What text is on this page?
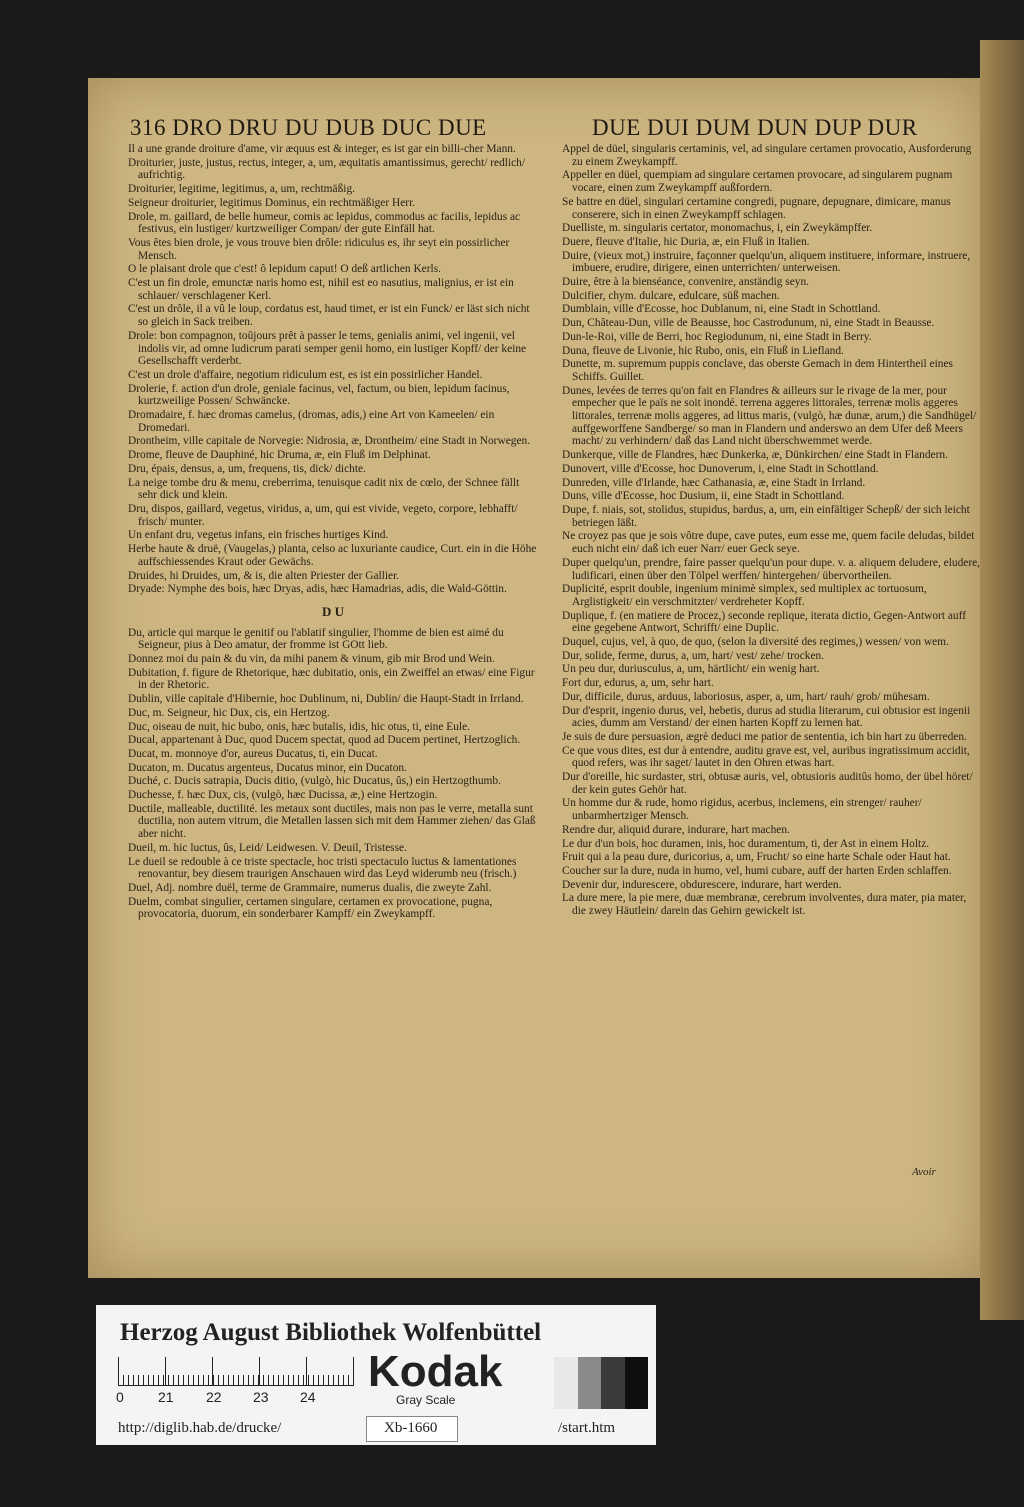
316 DRO DRU DU DUB DUC DUE	DUE DUI DUM DUN DUP DUR
Il a une grande droiture d'ame, vir æquus est & integer, es ist gar ein billi-cher Mann.
Droiturier, juste, justus, rectus, integer, a, um, æquitatis amantissimus, gerecht/ redlich/ aufrichtig.
Droiturier, legitime, legitimus, a, um, rechtmäßig.
Seigneur droiturier, legitimus Dominus, ein rechtmäßiger Herr.
Drole, m. gaillard, de belle humeur, comis ac lepidus, commodus ac facilis, lepidus ac festivus, ein lustiger/ kurtzweiliger Compan/ der gute Einfäll hat.
Vous êtes bien drole, je vous trouve bien drôle: ridiculus es, ihr seyt ein possirlicher Mensch.
O le plaisant drole que c'est! ô lepidum caput! O deß artlichen Kerls.
C'est un fin drole, emunctæ naris homo est, nihil est eo nasutius, malignius, er ist ein schlauer/ verschlagener Kerl.
C'est un drôle, il a vû le loup, cordatus est, haud timet, er ist ein Funck/ er läst sich nicht so gleich in Sack treiben.
Drole: bon compagnon, toûjours prêt à passer le tems, genialis animi, vel ingenii, vel indolis vir, ad omne ludicrum parati semper genii homo, ein lustiger Kopff/ der keine Gesellschafft verderbt.
C'est un drole d'affaire, negotium ridiculum est, es ist ein possirlicher Handel.
Drolerie, f. action d'un drole, geniale facinus, vel, factum, ou bien, lepidum facinus, kurtzweilige Possen/ Schwäncke.
Dromadaire, f. hæc dromas camelus, (dromas, adis,) eine Art von Kameelen/ ein Dromedari.
Drontheim, ville capitale de Norvegie: Nidrosia, æ, Drontheim/ eine Stadt in Norwegen.
Drome, fleuve de Dauphiné, hic Druma, æ, ein Fluß im Delphinat.
Dru, épais, densus, a, um, frequens, tis, dick/ dichte.
La neige tombe dru & menu, creberrima, tenuisque cadit nix de cœlo, der Schnee fällt sehr dick und klein.
Dru, dispos, gaillard, vegetus, viridus, a, um, qui est vivide, vegeto, corpore, lebhafft/ frisch/ munter.
Un enfant dru, vegetus infans, ein frisches hurtiges Kind.
Herbe haute & druë, (Vaugelas,) planta, celso ac luxuriante caudice, Curt. ein in die Höhe auffschiessendes Kraut oder Gewächs.
Druides, hi Druides, um, & is, die alten Priester der Gallier.
Dryade: Nymphe des bois, hæc Dryas, adis, hæc Hamadrias, adis, die Wald-Göttin.
D U
Du, article qui marque le genitif ou l'ablatif singulier, l'homme de bien est aimé du Seigneur, pius à Deo amatur, der fromme ist GOtt lieb.
Donnez moi du pain & du vin, da mihi panem & vinum, gib mir Brod und Wein.
Dubitation, f. figure de Rhetorique, hæc dubitatio, onis, ein Zweiffel an etwas/ eine Figur in der Rhetoric.
Dublin, ville capitale d'Hibernie, hoc Dublinum, ni, Dublin/ die Haupt-Stadt in Irrland.
Duc, m. Seigneur, hic Dux, cis, ein Hertzog.
Duc, oiseau de nuit, hic bubo, onis, hæc butalis, idis, hic otus, ti, eine Eule.
Ducal, appartenant à Duc, quod Ducem spectat, quod ad Ducem pertinet, Hertzoglich.
Ducat, m. monnoye d'or, aureus Ducatus, ti, ein Ducat.
Ducaton, m. Ducatus argenteus, Ducatus minor, ein Ducaton.
Duché, c. Ducis satrapia, Ducis ditio, (vulgò, hic Ducatus, ûs,) ein Hertzogthumb.
Duchesse, f. hæc Dux, cis, (vulgò, hæc Ducissa, æ,) eine Hertzogin.
Ductile, malleable, ductilité. les metaux sont ductiles, mais non pas le verre, metalla sunt ductilia, non autem vitrum, die Metallen lassen sich mit dem Hammer ziehen/ das Glaß aber nicht.
Dueil, m. hic luctus, ûs, Leid/ Leidwesen. V. Deuil, Tristesse.
Le dueil se redouble à ce triste spectacle, hoc tristi spectaculo luctus & lamentationes renovantur, bey diesem traurigen Anschauen wird das Leyd widerumb neu (frisch.)
Duel, Adj. nombre duël, terme de Grammaire, numerus dualis, die zweyte Zahl.
Duelm, combat singulier, certamen singulare, certamen ex provocatione, pugna, provocatoria, duorum, ein sonderbarer Kampff/ ein Zweykampff.
Appel de düel, singularis certaminis, vel, ad singulare certamen provocatio, Ausforderung zu einem Zweykampff.
Appeller en düel, quempiam ad singulare certamen provocare, ad singularem pugnam vocare, einen zum Zweykampff außfordern.
Se battre en düel, singulari certamine congredi, pugnare, depugnare, dimicare, manus conserere, sich in einen Zweykampff schlagen.
Duelliste, m. singularis certator, monomachus, i, ein Zweykämpffer.
Duere, fleuve d'Italie, hic Duria, æ, ein Fluß in Italien.
Duire, (vieux mot,) instruire, façonner quelqu'un, aliquem instituere, informare, instruere, imbuere, erudire, dirigere, einen unterrichten/ unterweisen.
Duire, être à la bienséance, convenire, anständig seyn.
Dulcifier, chym. dulcare, edulcare, süß machen.
Dumblain, ville d'Ecosse, hoc Dublanum, ni, eine Stadt in Schottland.
Dun, Château-Dun, ville de Beausse, hoc Castrodunum, ni, eine Stadt in Beausse.
Dun-le-Roi, ville de Berri, hoc Regiodunum, ni, eine Stadt in Berry.
Duna, fleuve de Livonie, hic Rubo, onis, ein Fluß in Liefland.
Dunette, m. supremum puppis conclave, das oberste Gemach in dem Hintertheil eines Schiffs. Guillet.
Dunes, levées de terres qu'on fait en Flandres & ailleurs sur le rivage de la mer, pour empecher que le païs ne soit inondé. terrena aggeres littorales, terrenæ molis aggeres littorales, terrenæ molis aggeres, ad littus maris, (vulgò, hæ dunæ, arum,) die Sandhügel/ auffgeworffene Sandberge/ so man in Flandern und anderswo an dem Ufer deß Meers macht/ zu verhindern/ daß das Land nicht überschwemmet werde.
Dunkerque, ville de Flandres, hæc Dunkerka, æ, Dünkirchen/ eine Stadt in Flandern.
Dunovert, ville d'Ecosse, hoc Dunoverum, i, eine Stadt in Schottland.
Dunreden, ville d'Irlande, hæc Cathanasia, æ, eine Stadt in Irrland.
Duns, ville d'Ecosse, hoc Dusium, ii, eine Stadt in Schottland.
Dupe, f. niais, sot, stolidus, stupidus, bardus, a, um, ein einfältiger Schepß/ der sich leicht betriegen läßt.
Ne croyez pas que je sois vôtre dupe, cave putes, eum esse me, quem facile deludas, bildet euch nicht ein/ daß ich euer Narr/ euer Geck seye.
Duper quelqu'un, prendre, faire passer quelqu'un pour dupe. v. a. aliquem deludere, eludere, ludificari, einen über den Tölpel werffen/ hintergehen/ übervortheilen.
Duplicité, esprit double, ingenium minimè simplex, sed multiplex ac tortuosum, Arglistigkeit/ ein verschmitzter/ verdreheter Kopff.
Duplique, f. (en matiere de Procez,) seconde replique, iterata dictio, Gegen-Antwort auff eine gegebene Antwort, Schrifft/ eine Duplic.
Duquel, cujus, vel, à quo, de quo, (selon la diversité des regimes,) wessen/ von wem.
Dur, solide, ferme, durus, a, um, hart/ vest/ zehe/ trocken.
Un peu dur, duriusculus, a, um, härtlicht/ ein wenig hart.
Fort dur, edurus, a, um, sehr hart.
Dur, difficile, durus, arduus, laboriosus, asper, a, um, hart/ rauh/ grob/ mühesam.
Dur d'esprit, ingenio durus, vel, hebetis, durus ad studia literarum, cui obtusior est ingenii acies, dumm am Verstand/ der einen harten Kopff zu lernen hat.
Je suis de dure persuasion, ægrè deduci me patior de sententia, ich bin hart zu überreden.
Ce que vous dites, est dur à entendre, auditu grave est, vel, auribus ingratissimum accidit, quod refers, was ihr saget/ lautet in den Ohren etwas hart.
Dur d'oreille, hic surdaster, stri, obtusæ auris, vel, obtusioris auditûs homo, der übel höret/ der kein gutes Gehör hat.
Un homme dur & rude, homo rigidus, acerbus, inclemens, ein strenger/ rauher/ unbarmhertziger Mensch.
Rendre dur, aliquid durare, indurare, hart machen.
Le dur d'un bois, hoc duramen, inis, hoc duramentum, ti, der Ast in einem Holtz.
Fruit qui a la peau dure, duricorius, a, um, Frucht/ so eine harte Schale oder Haut hat.
Coucher sur la dure, nuda in humo, vel, humi cubare, auff der harten Erden schlaffen.
Devenir dur, indurescere, obdurescere, indurare, hart werden.
La dure mere, la pie mere, duæ membranæ, cerebrum involventes, dura mater, pia mater, die zwey Häutlein/ darein das Gehirn gewickelt ist.
Avoir
Herzog August Bibliothek Wolfenbüttel
0 21 22 23 24
Kodak
Gray Scale
http://diglib.hab.de/drucke/	Xb-1660	/start.htm
